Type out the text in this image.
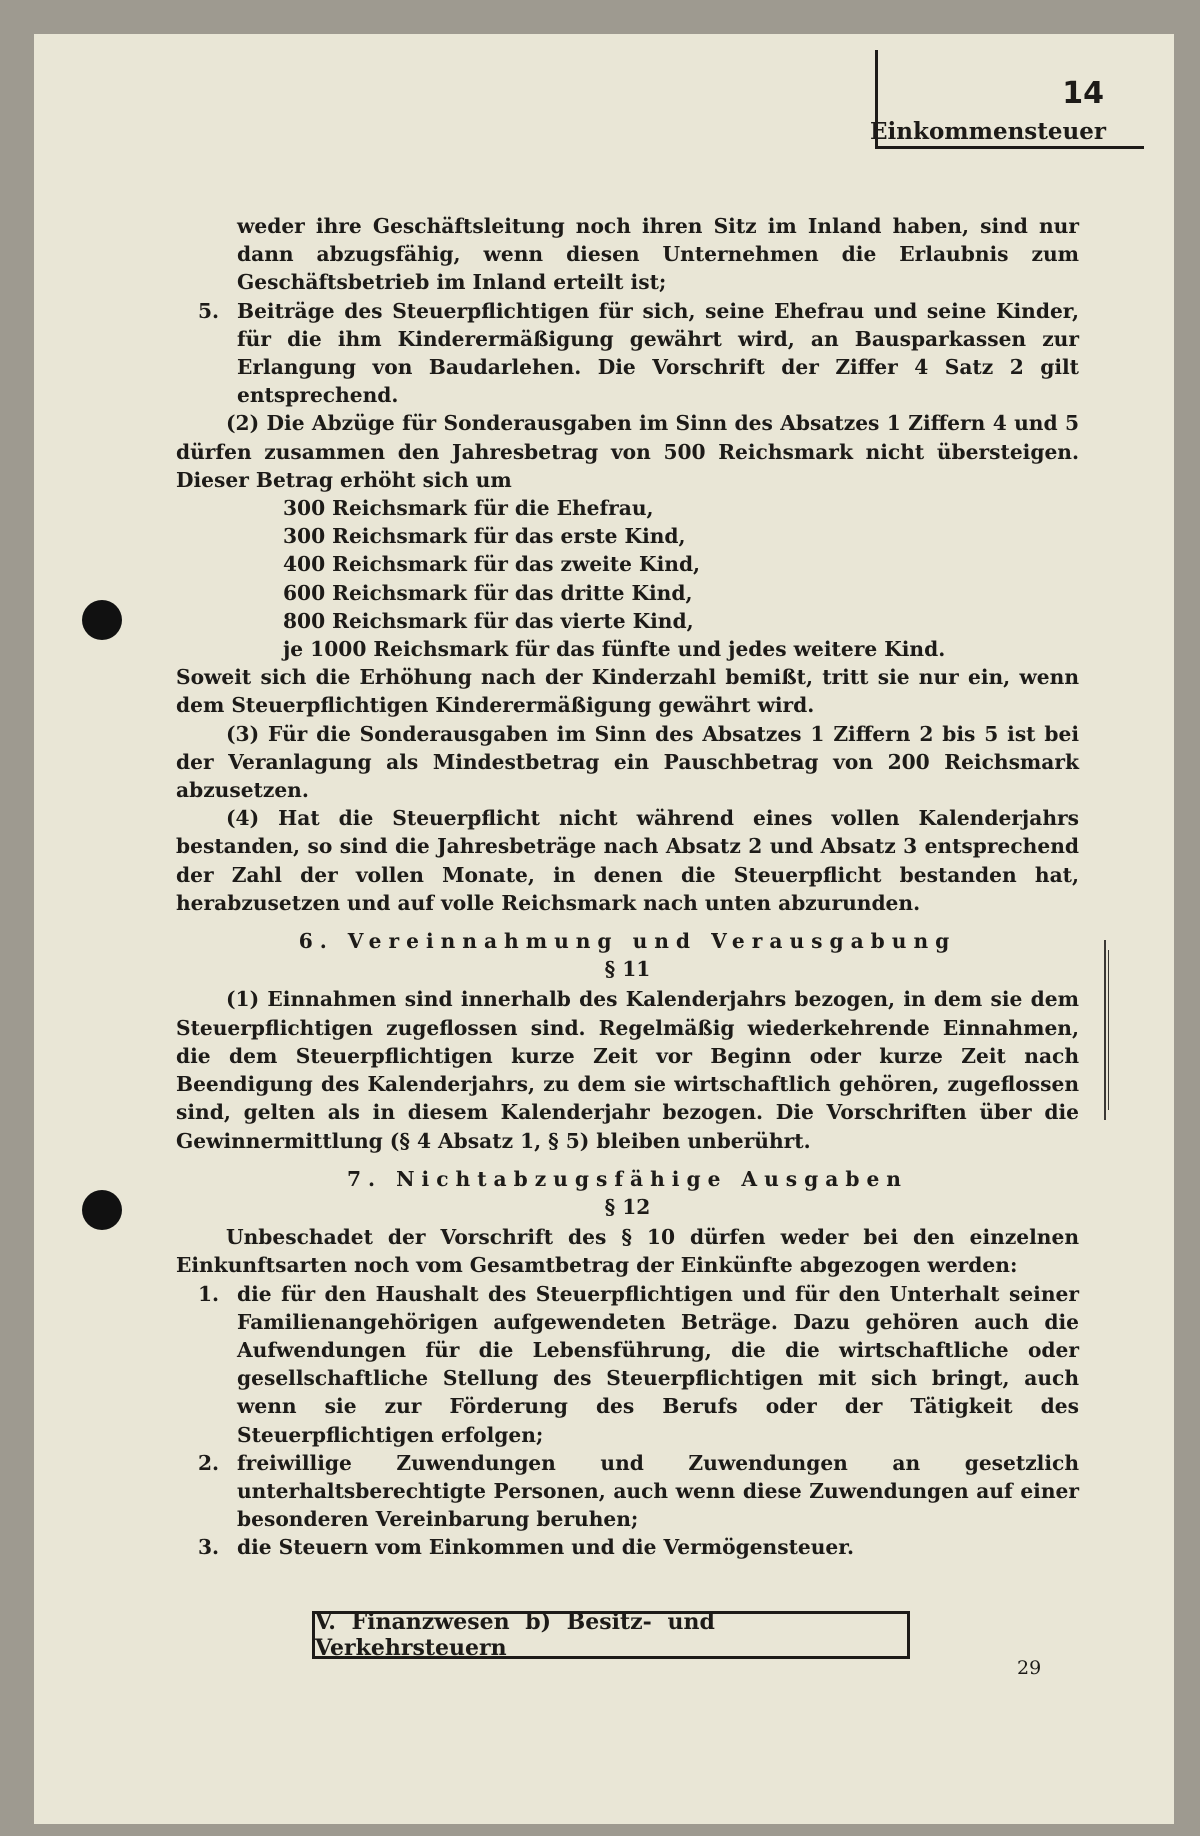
14
Einkommensteuer

weder ihre Geschäftsleitung noch ihren Sitz im Inland haben, sind nur dann abzugsfähig, wenn diesen Unternehmen die Erlaubnis zum Geschäftsbetrieb im Inland erteilt ist;

5. Beiträge des Steuerpflichtigen für sich, seine Ehefrau und seine Kinder, für die ihm Kinderermäßigung gewährt wird, an Bausparkassen zur Erlangung von Baudarlehen. Die Vorschrift der Ziffer 4 Satz 2 gilt entsprechend.

(2) Die Abzüge für Sonderausgaben im Sinn des Absatzes 1 Ziffern 4 und 5 dürfen zusammen den Jahresbetrag von 500 Reichsmark nicht übersteigen. Dieser Betrag erhöht sich um

300 Reichsmark für die Ehefrau,
300 Reichsmark für das erste Kind,
400 Reichsmark für das zweite Kind,
600 Reichsmark für das dritte Kind,
800 Reichsmark für das vierte Kind,
je 1000 Reichsmark für das fünfte und jedes weitere Kind.

Soweit sich die Erhöhung nach der Kinderzahl bemißt, tritt sie nur ein, wenn dem Steuerpflichtigen Kinderermäßigung gewährt wird.

(3) Für die Sonderausgaben im Sinn des Absatzes 1 Ziffern 2 bis 5 ist bei der Veranlagung als Mindestbetrag ein Pauschbetrag von 200 Reichsmark abzusetzen.

(4) Hat die Steuerpflicht nicht während eines vollen Kalenderjahrs bestanden, so sind die Jahresbeträge nach Absatz 2 und Absatz 3 entsprechend der Zahl der vollen Monate, in denen die Steuerpflicht bestanden hat, herabzusetzen und auf volle Reichsmark nach unten abzurunden.

6. Vereinnahmung und Verausgabung

§ 11

(1) Einnahmen sind innerhalb des Kalenderjahrs bezogen, in dem sie dem Steuerpflichtigen zugeflossen sind. Regelmäßig wiederkehrende Einnahmen, die dem Steuerpflichtigen kurze Zeit vor Beginn oder kurze Zeit nach Beendigung des Kalenderjahrs, zu dem sie wirtschaftlich gehören, zugeflossen sind, gelten als in diesem Kalenderjahr bezogen. Die Vorschriften über die Gewinnermittlung (§ 4 Absatz 1, § 5) bleiben unberührt.

7. Nichtabzugsfähige Ausgaben

§ 12

Unbeschadet der Vorschrift des § 10 dürfen weder bei den einzelnen Einkunftsarten noch vom Gesamtbetrag der Einkünfte abgezogen werden:

1. die für den Haushalt des Steuerpflichtigen und für den Unterhalt seiner Familienangehörigen aufgewendeten Beträge. Dazu gehören auch die Aufwendungen für die Lebensführung, die die wirtschaftliche oder gesellschaftliche Stellung des Steuerpflichtigen mit sich bringt, auch wenn sie zur Förderung des Berufs oder der Tätigkeit des Steuerpflichtigen erfolgen;

2. freiwillige Zuwendungen und Zuwendungen an gesetzlich unterhaltsberechtigte Personen, auch wenn diese Zuwendungen auf einer besonderen Vereinbarung beruhen;

3. die Steuern vom Einkommen und die Vermögensteuer.

V. Finanzwesen b) Besitz- und Verkehrsteuern
29
